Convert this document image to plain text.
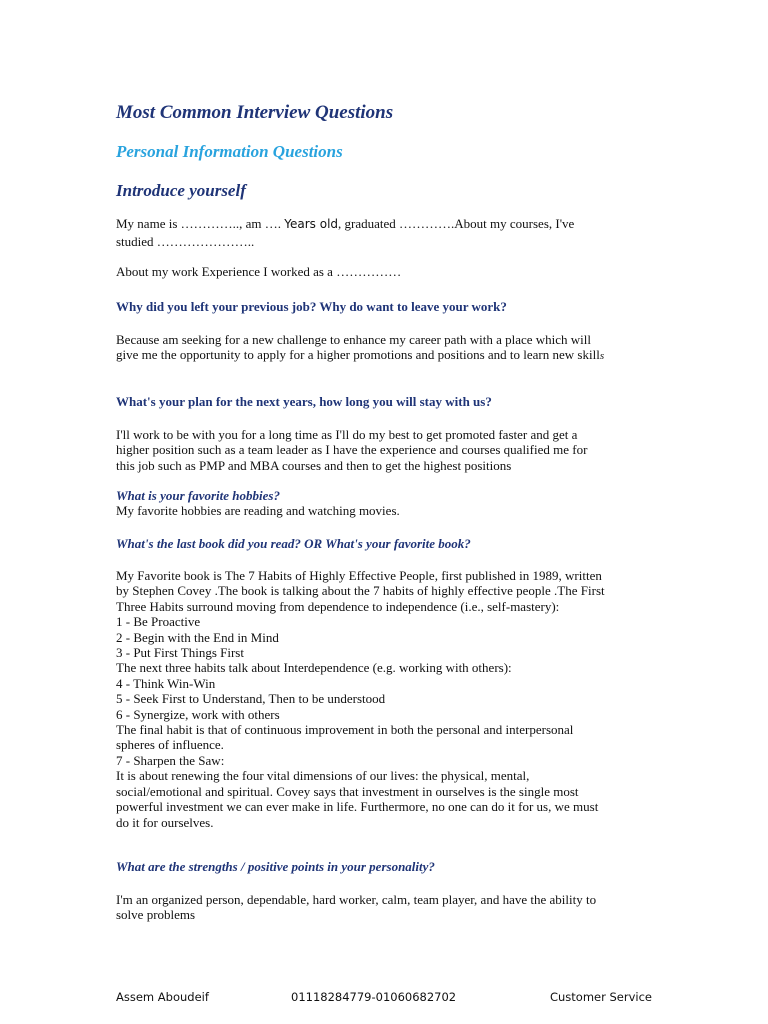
Most Common Interview Questions
Personal Information Questions
Introduce yourself

My name is ………….., am …. Years old, graduated ………….About my courses, I've

studied …………………..

About my work Experience I worked as a ……………

Why did you left your previous job? Why do want to leave your work?

Because am seeking for a new challenge to enhance my career path with a place which will

give me the opportunity to apply for a higher promotions and positions and to learn new skills

What's your plan for the next years, how long you will stay with us?

I'll work to be with you for a long time as I'll do my best to get promoted faster and get a

higher position such as a team leader as I have the experience and courses qualified me for

this job such as PMP and MBA courses and then to get the highest positions

What is your favorite hobbies?

My favorite hobbies are reading and watching movies.

What's the last book did you read? OR What's your favorite book?
My Favorite book is The 7 Habits of Highly Effective People, first published in 1989, written
by Stephen Covey .The book is talking about the 7 habits of highly effective people .The First
Three Habits surround moving from dependence to independence (i.e., self-mastery):
1 - Be Proactive
2 - Begin with the End in Mind
3 - Put First Things First
The next three habits talk about Interdependence (e.g. working with others):
4 - Think Win-Win
5 - Seek First to Understand, Then to be understood
6 - Synergize, work with others
The final habit is that of continuous improvement in both the personal and interpersonal
spheres of influence.
7 - Sharpen the Saw:
It is about renewing the four vital dimensions of our lives: the physical, mental,
social/emotional and spiritual. Covey says that investment in ourselves is the single most
powerful investment we can ever make in life. Furthermore, no one can do it for us, we must
do it for ourselves.
What are the strengths / positive points in your personality?

I'm an organized person, dependable, hard worker, calm, team player, and have the ability to

solve problems

Assem Aboudeif	01118284779-01060682702	Customer Service
